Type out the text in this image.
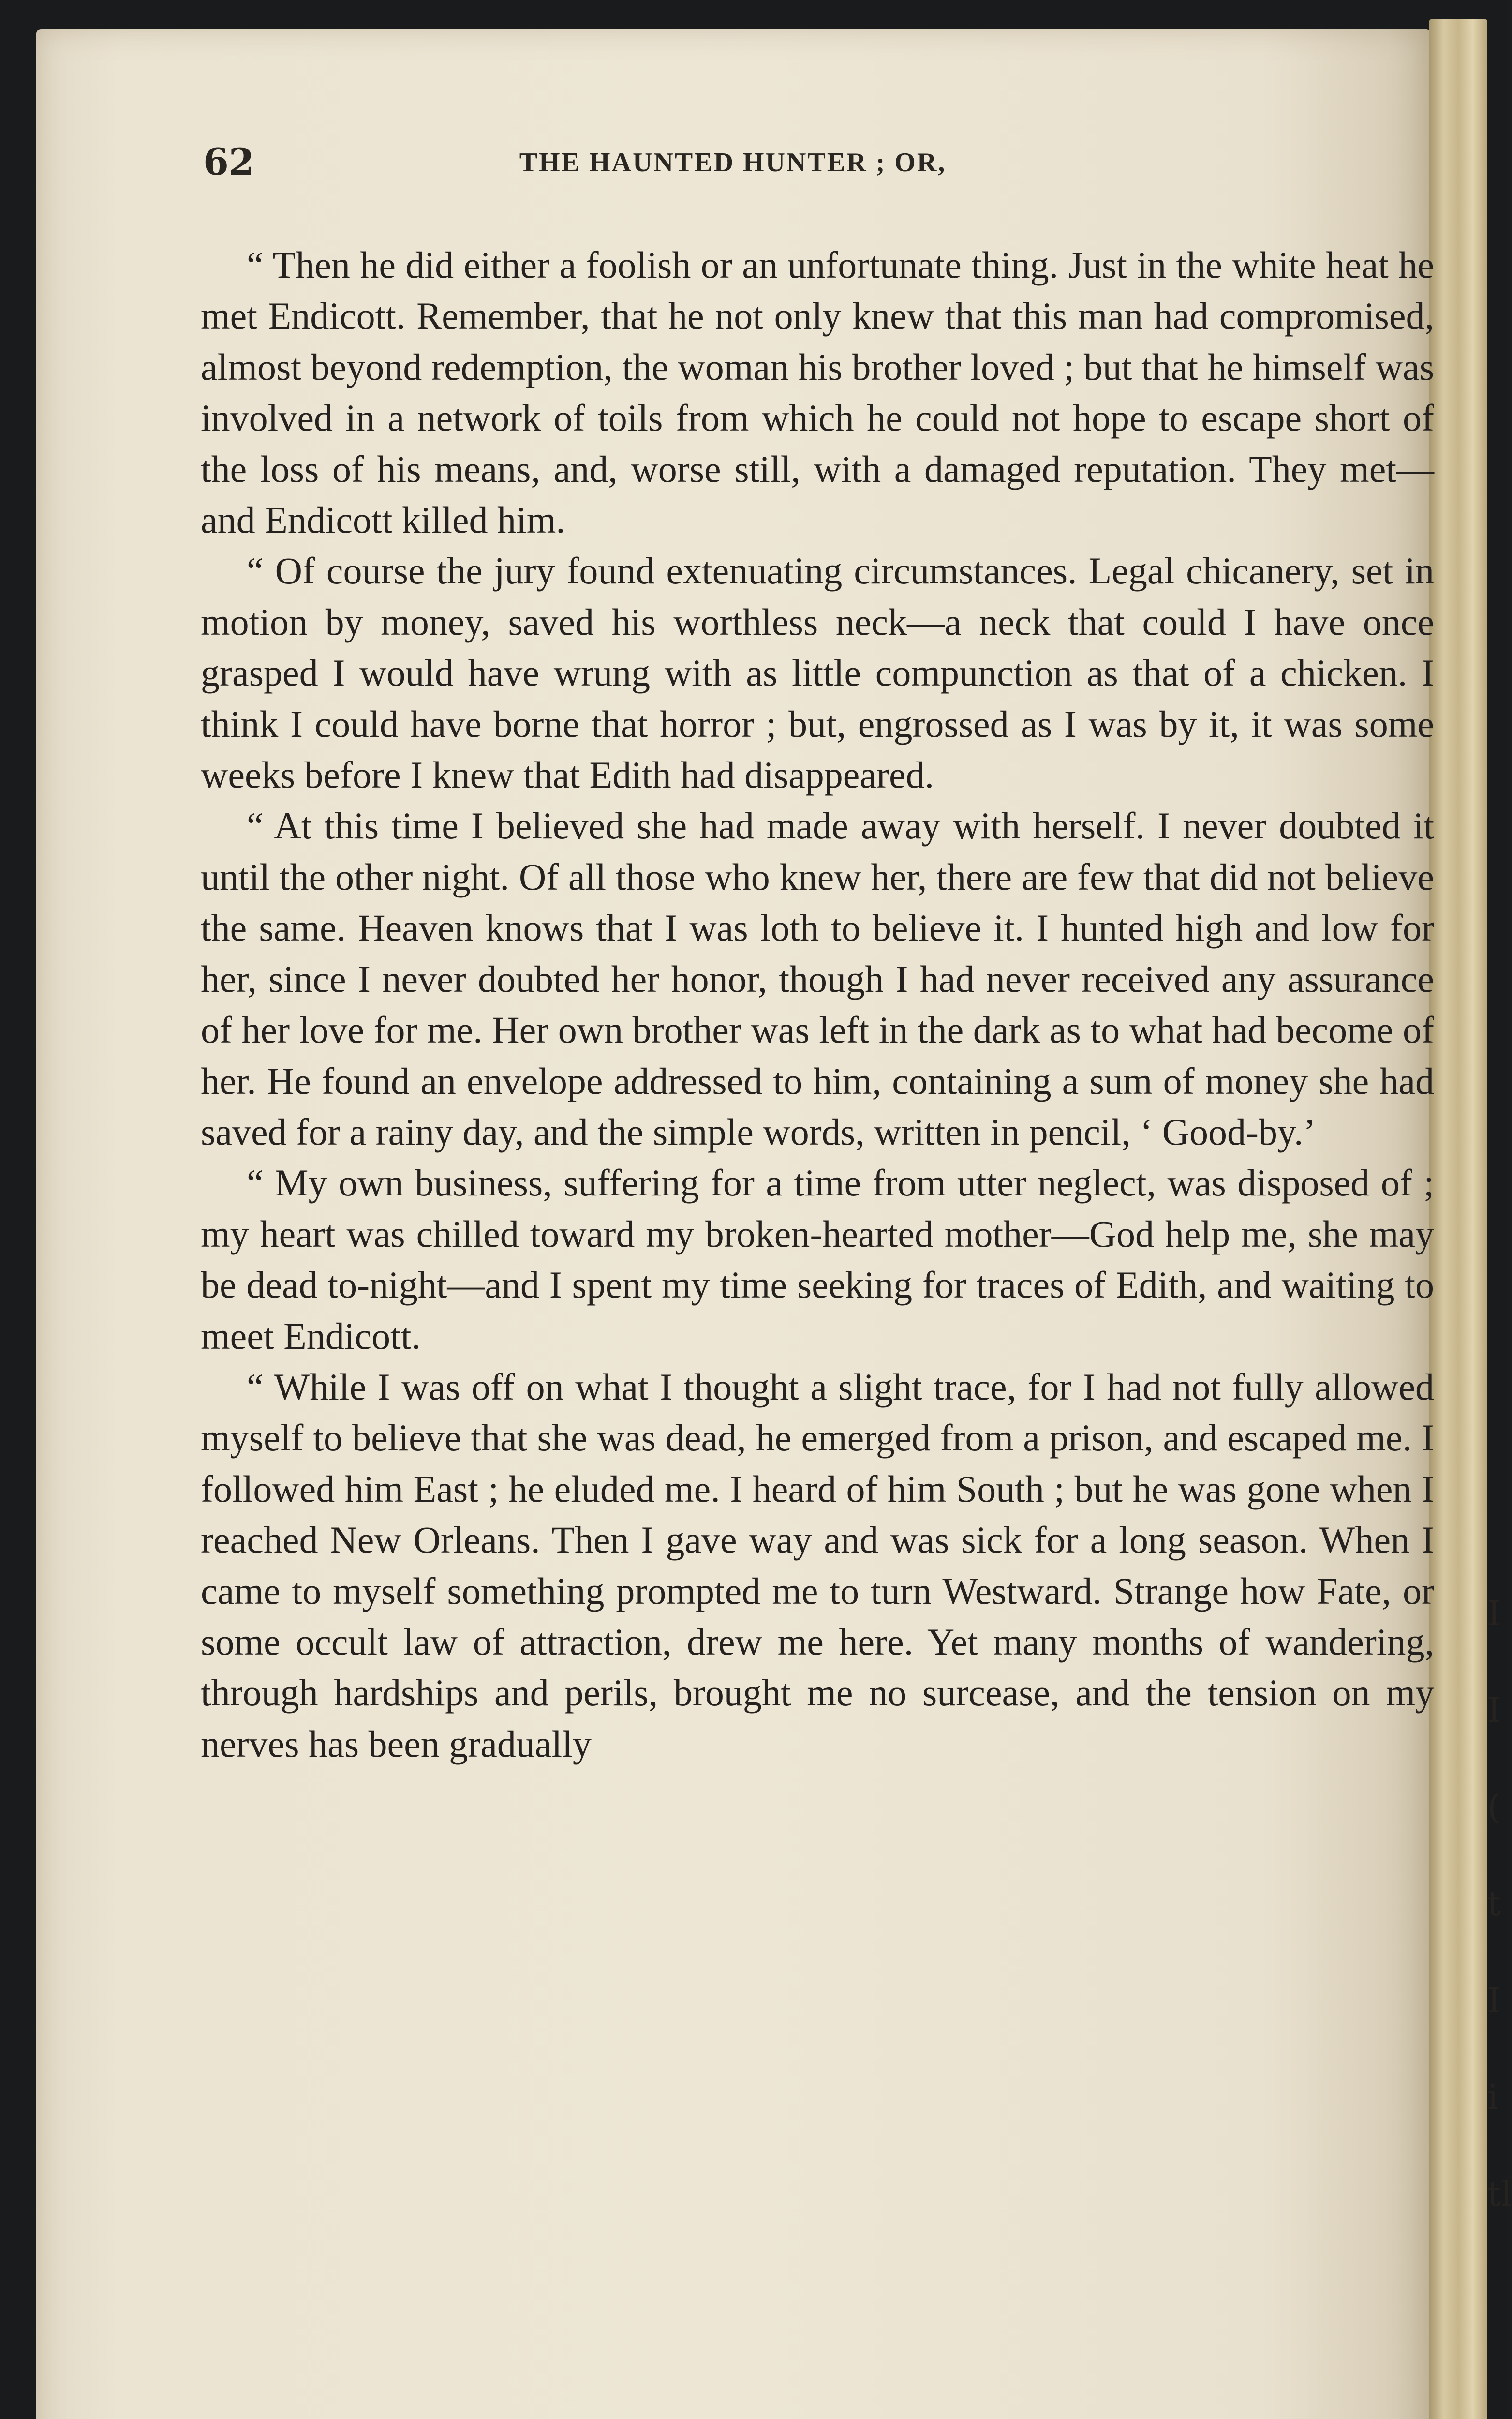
I
I
(
t
I
i
tl
62	THE HAUNTED HUNTER ; OR,

“ Then he did either a foolish or an unfortunate thing. Just in the white heat he met Endicott. Remember, that he not only knew that this man had compromised, almost beyond redemption, the woman his brother loved ; but that he himself was involved in a network of toils from which he could not hope to escape short of the loss of his means, and, worse still, with a damaged reputation. They met—and Endicott killed him.

“ Of course the jury found extenuating circumstances. Legal chicanery, set in motion by money, saved his worthless neck—a neck that could I have once grasped I would have wrung with as little compunction as that of a chicken. I think I could have borne that horror ; but, engrossed as I was by it, it was some weeks before I knew that Edith had disappeared.

“ At this time I believed she had made away with herself. I never doubted it until the other night. Of all those who knew her, there are few that did not believe the same. Heaven knows that I was loth to believe it. I hunted high and low for her, since I never doubted her honor, though I had never received any assurance of her love for me. Her own brother was left in the dark as to what had become of her. He found an envelope addressed to him, containing a sum of money she had saved for a rainy day, and the simple words, written in pencil, ‘ Good-by.’

“ My own business, suffering for a time from utter neglect, was disposed of ; my heart was chilled toward my broken-hearted mother—God help me, she may be dead to-night—and I spent my time seeking for traces of Edith, and waiting to meet Endicott.

“ While I was off on what I thought a slight trace, for I had not fully allowed myself to believe that she was dead, he emerged from a prison, and escaped me. I followed him East ; he eluded me. I heard of him South ; but he was gone when I reached New Orleans. Then I gave way and was sick for a long season. When I came to myself something prompted me to turn Westward. Strange how Fate, or some occult law of attraction, drew me here. Yet many months of wandering, through hardships and perils, brought me no surcease, and the tension on my nerves has been gradually
